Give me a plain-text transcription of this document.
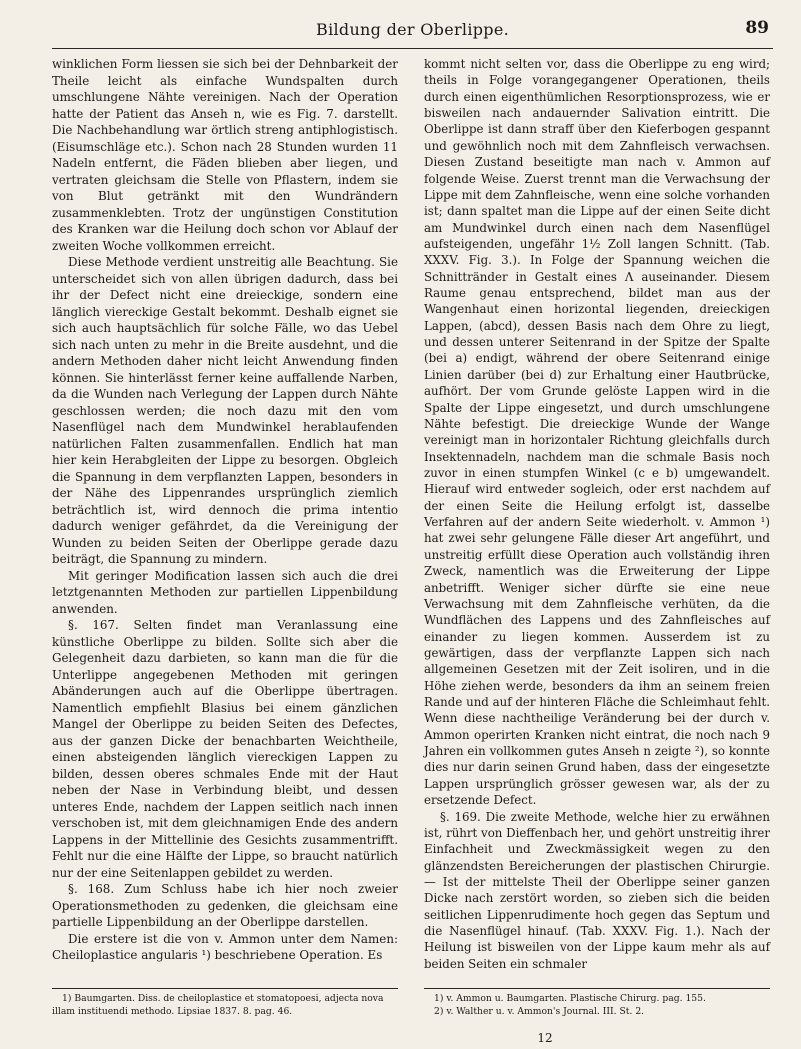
Bildung der Oberlippe.	89

winklichen Form liessen sie sich bei der Dehnbarkeit der Theile leicht als einfache Wundspalten durch umschlungene Nähte vereinigen. Nach der Operation hatte der Patient das Anseh n, wie es Fig. 7. darstellt. Die Nachbehandlung war örtlich streng antiphlogistisch. (Eisumschläge etc.). Schon nach 28 Stunden wurden 11 Nadeln entfernt, die Fäden blieben aber liegen, und vertraten gleichsam die Stelle von Pflastern, indem sie von Blut getränkt mit den Wundrändern zusammenklebten. Trotz der ungünstigen Constitution des Kranken war die Heilung doch schon vor Ablauf der zweiten Woche vollkommen erreicht.

Diese Methode verdient unstreitig alle Beachtung. Sie unterscheidet sich von allen übrigen dadurch, dass bei ihr der Defect nicht eine dreieckige, sondern eine länglich viereckige Gestalt bekommt. Deshalb eignet sie sich auch hauptsächlich für solche Fälle, wo das Uebel sich nach unten zu mehr in die Breite ausdehnt, und die andern Methoden daher nicht leicht Anwendung finden können. Sie hinterlässt ferner keine auffallende Narben, da die Wunden nach Verlegung der Lappen durch Nähte geschlossen werden; die noch dazu mit den vom Nasenflügel nach dem Mundwinkel herablaufenden natürlichen Falten zusammenfallen. Endlich hat man hier kein Herabgleiten der Lippe zu besorgen. Obgleich die Spannung in dem verpflanzten Lappen, besonders in der Nähe des Lippenrandes ursprünglich ziemlich beträchtlich ist, wird dennoch die prima intentio dadurch weniger gefährdet, da die Vereinigung der Wunden zu beiden Seiten der Oberlippe gerade dazu beiträgt, die Spannung zu mindern.

Mit geringer Modification lassen sich auch die drei letztgenannten Methoden zur partiellen Lippenbildung anwenden.

§. 167. Selten findet man Veranlassung eine künstliche Oberlippe zu bilden. Sollte sich aber die Gelegenheit dazu darbieten, so kann man die für die Unterlippe angegebenen Methoden mit geringen Abänderungen auch auf die Oberlippe übertragen. Namentlich empfiehlt Blasius bei einem gänzlichen Mangel der Oberlippe zu beiden Seiten des Defectes, aus der ganzen Dicke der benachbarten Weichtheile, einen absteigenden länglich viereckigen Lappen zu bilden, dessen oberes schmales Ende mit der Haut neben der Nase in Verbindung bleibt, und dessen unteres Ende, nachdem der Lappen seitlich nach innen verschoben ist, mit dem gleichnamigen Ende des andern Lappens in der Mittellinie des Gesichts zusammentrifft. Fehlt nur die eine Hälfte der Lippe, so braucht natürlich nur der eine Seitenlappen gebildet zu werden.

§. 168. Zum Schluss habe ich hier noch zweier Operationsmethoden zu gedenken, die gleichsam eine partielle Lippenbildung an der Oberlippe darstellen.

Die erstere ist die von v. Ammon unter dem Namen: Cheiloplastice angularis ¹) beschriebene Operation. Es

kommt nicht selten vor, dass die Oberlippe zu eng wird; theils in Folge vorangegangener Operationen, theils durch einen eigenthümlichen Resorptionsprozess, wie er bisweilen nach andauernder Salivation eintritt. Die Oberlippe ist dann straff über den Kieferbogen gespannt und gewöhnlich noch mit dem Zahnfleisch verwachsen. Diesen Zustand beseitigte man nach v. Ammon auf folgende Weise. Zuerst trennt man die Verwachsung der Lippe mit dem Zahnfleische, wenn eine solche vorhanden ist; dann spaltet man die Lippe auf der einen Seite dicht am Mundwinkel durch einen nach dem Nasenflügel aufsteigenden, ungefähr 1½ Zoll langen Schnitt. (Tab. XXXV. Fig. 3.). In Folge der Spannung weichen die Schnittränder in Gestalt eines Λ auseinander. Diesem Raume genau entsprechend, bildet man aus der Wangenhaut einen horizontal liegenden, dreieckigen Lappen, (abcd), dessen Basis nach dem Ohre zu liegt, und dessen unterer Seitenrand in der Spitze der Spalte (bei a) endigt, während der obere Seitenrand einige Linien darüber (bei d) zur Erhaltung einer Hautbrücke, aufhört. Der vom Grunde gelöste Lappen wird in die Spalte der Lippe eingesetzt, und durch umschlungene Nähte befestigt. Die dreieckige Wunde der Wange vereinigt man in horizontaler Richtung gleichfalls durch Insektennadeln, nachdem man die schmale Basis noch zuvor in einen stumpfen Winkel (c e b) umgewandelt. Hierauf wird entweder sogleich, oder erst nachdem auf der einen Seite die Heilung erfolgt ist, dasselbe Verfahren auf der andern Seite wiederholt. v. Ammon ¹) hat zwei sehr gelungene Fälle dieser Art angeführt, und unstreitig erfüllt diese Operation auch vollständig ihren Zweck, namentlich was die Erweiterung der Lippe anbetrifft. Weniger sicher dürfte sie eine neue Verwachsung mit dem Zahnfleische verhüten, da die Wundflächen des Lappens und des Zahnfleisches auf einander zu liegen kommen. Ausserdem ist zu gewärtigen, dass der verpflanzte Lappen sich nach allgemeinen Gesetzen mit der Zeit isoliren, und in die Höhe ziehen werde, besonders da ihm an seinem freien Rande und auf der hinteren Fläche die Schleimhaut fehlt. Wenn diese nachtheilige Veränderung bei der durch v. Ammon operirten Kranken nicht eintrat, die noch nach 9 Jahren ein vollkommen gutes Anseh n zeigte ²), so konnte dies nur darin seinen Grund haben, dass der eingesetzte Lappen ursprünglich grösser gewesen war, als der zu ersetzende Defect.

§. 169. Die zweite Methode, welche hier zu erwähnen ist, rührt von Dieffenbach her, und gehört unstreitig ihrer Einfachheit und Zweckmässigkeit wegen zu den glänzendsten Bereicherungen der plastischen Chirurgie. — Ist der mittelste Theil der Oberlippe seiner ganzen Dicke nach zerstört worden, so zieben sich die beiden seitlichen Lippenrudimente hoch gegen das Septum und die Nasenflügel hinauf. (Tab. XXXV. Fig. 1.). Nach der Heilung ist bisweilen von der Lippe kaum mehr als auf beiden Seiten ein schmaler

1) Baumgarten. Diss. de cheiloplastice et stomatopoesi, adjecta nova illam instituendi methodo. Lipsiae 1837. 8. pag. 46.

1) v. Ammon u. Baumgarten. Plastische Chirurg. pag. 155.

2) v. Walther u. v. Ammon's Journal. III. St. 2.

12
